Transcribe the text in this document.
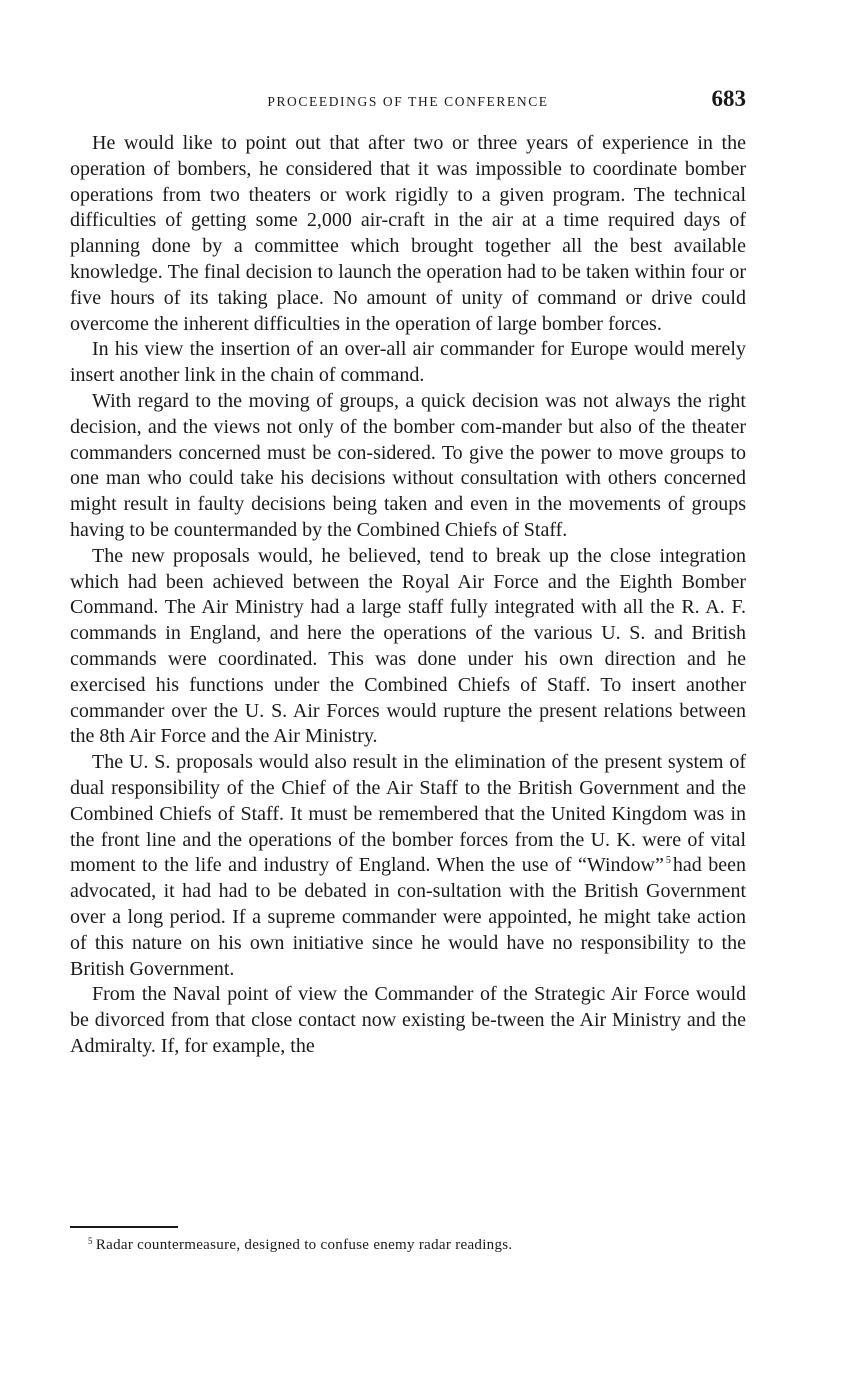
PROCEEDINGS OF THE CONFERENCE	683

He would like to point out that after two or three years of experience in the operation of bombers, he considered that it was impossible to coordinate bomber operations from two theaters or work rigidly to a given program. The technical difficulties of getting some 2,000 air-craft in the air at a time required days of planning done by a committee which brought together all the best available knowledge. The final decision to launch the operation had to be taken within four or five hours of its taking place. No amount of unity of command or drive could overcome the inherent difficulties in the operation of large bomber forces.

In his view the insertion of an over-all air commander for Europe would merely insert another link in the chain of command.

With regard to the moving of groups, a quick decision was not always the right decision, and the views not only of the bomber com-mander but also of the theater commanders concerned must be con-sidered. To give the power to move groups to one man who could take his decisions without consultation with others concerned might result in faulty decisions being taken and even in the movements of groups having to be countermanded by the Combined Chiefs of Staff.

The new proposals would, he believed, tend to break up the close integration which had been achieved between the Royal Air Force and the Eighth Bomber Command. The Air Ministry had a large staff fully integrated with all the R. A. F. commands in England, and here the operations of the various U. S. and British commands were coordinated. This was done under his own direction and he exercised his functions under the Combined Chiefs of Staff. To insert another commander over the U. S. Air Forces would rupture the present relations between the 8th Air Force and the Air Ministry.

The U. S. proposals would also result in the elimination of the present system of dual responsibility of the Chief of the Air Staff to the British Government and the Combined Chiefs of Staff. It must be remembered that the United Kingdom was in the front line and the operations of the bomber forces from the U. K. were of vital moment to the life and industry of England. When the use of “Window” $^5$ had been advocated, it had had to be debated in con-sultation with the British Government over a long period. If a supreme commander were appointed, he might take action of this nature on his own initiative since he would have no responsibility to the British Government.

From the Naval point of view the Commander of the Strategic Air Force would be divorced from that close contact now existing be-tween the Air Ministry and the Admiralty. If, for example, the

$^5$ Radar countermeasure, designed to confuse enemy radar readings.
